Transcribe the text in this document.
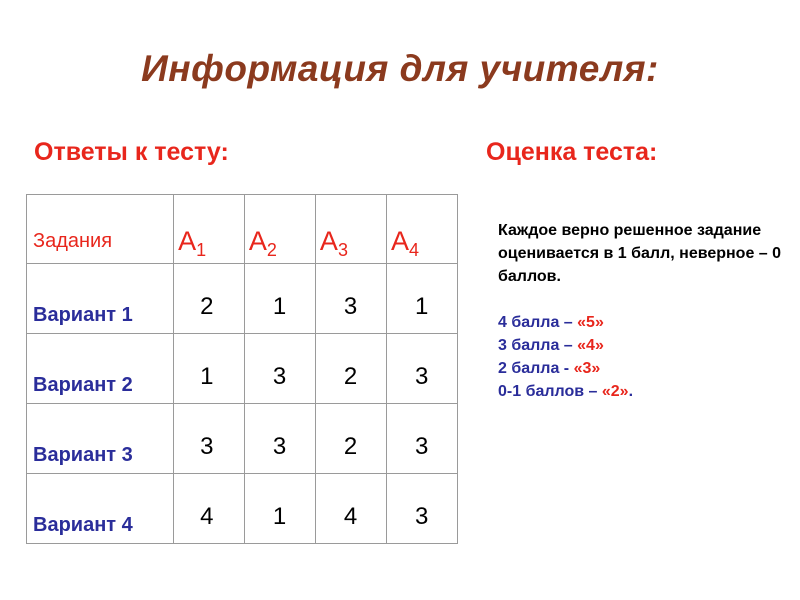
Информация для учителя:
Ответы к тесту:	Оценка теста:
Задания	$А_1$	$А_2$	$А_3$	$А_4$
Вариант 1	2	1	3	1
Вариант 2	1	3	2	3
Вариант 3	3	3	2	3
Вариант 4	4	1	4	3

Каждое верно решенное задание оценивается в 1 балл, неверное – 0 баллов.

4 балла – «5»
3 балла – «4»
2 балла - «3»
0-1 баллов – «2».
